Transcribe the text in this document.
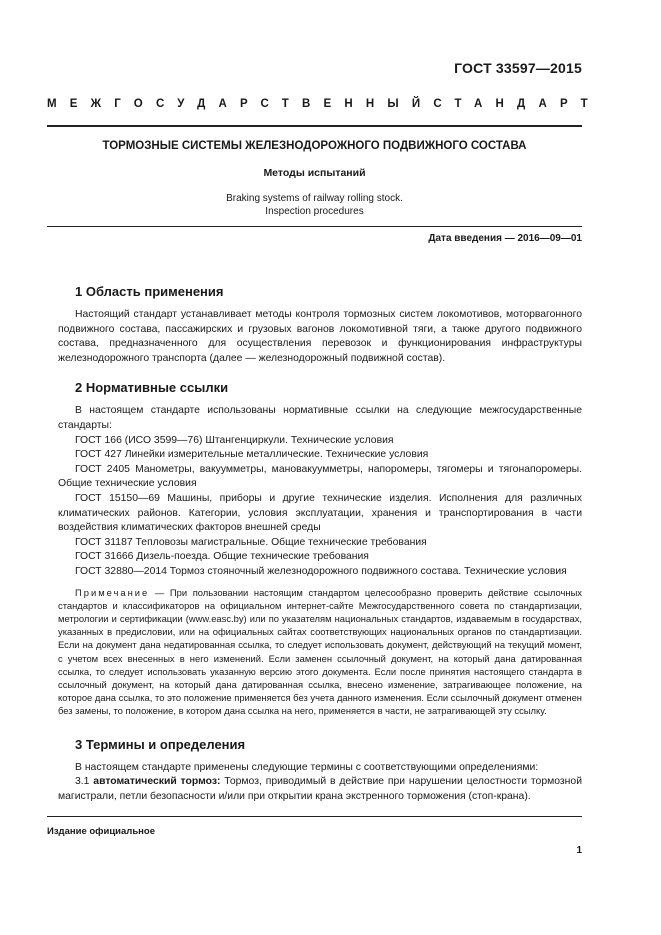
ГОСТ 33597—2015
МЕЖГОСУДАРСТВЕННЫЙ СТАНДАРТ
ТОРМОЗНЫЕ СИСТЕМЫ ЖЕЛЕЗНОДОРОЖНОГО ПОДВИЖНОГО СОСТАВА
Методы испытаний
Braking systems of railway rolling stock.
Inspection procedures
Дата введения — 2016—09—01
1 Область применения

Настоящий стандарт устанавливает методы контроля тормозных систем локомотивов, моторвагонного подвижного состава, пассажирских и грузовых вагонов локомотивной тяги, а также другого подвижного состава, предназначенного для осуществления перевозок и функционирования инфраструктуры железнодорожного транспорта (далее — железнодорожный подвижной состав).

2 Нормативные ссылки

В настоящем стандарте использованы нормативные ссылки на следующие межгосударственные стандарты:

ГОСТ 166 (ИСО 3599—76) Штангенциркули. Технические условия

ГОСТ 427 Линейки измерительные металлические. Технические условия

ГОСТ 2405 Манометры, вакуумметры, мановакуумметры, напоромеры, тягомеры и тягонапоромеры. Общие технические условия

ГОСТ 15150—69 Машины, приборы и другие технические изделия. Исполнения для различных климатических районов. Категории, условия эксплуатации, хранения и транспортирования в части воздействия климатических факторов внешней среды

ГОСТ 31187 Тепловозы магистральные. Общие технические требования

ГОСТ 31666 Дизель-поезда. Общие технические требования

ГОСТ 32880—2014 Тормоз стояночный железнодорожного подвижного состава. Технические условия

Примечание — При пользовании настоящим стандартом целесообразно проверить действие ссылочных стандартов и классификаторов на официальном интернет-сайте Межгосударственного совета по стандартизации, метрологии и сертификации (www.easc.by) или по указателям национальных стандартов, издаваемым в государствах, указанных в предисловии, или на официальных сайтах соответствующих национальных органов по стандартизации. Если на документ дана недатированная ссылка, то следует использовать документ, действующий на текущий момент, с учетом всех внесенных в него изменений. Если заменен ссылочный документ, на который дана датированная ссылка, то следует использовать указанную версию этого документа. Если после принятия настоящего стандарта в ссылочный документ, на который дана датированная ссылка, внесено изменение, затрагивающее положение, на которое дана ссылка, то это положение применяется без учета данного изменения. Если ссылочный документ отменен без замены, то положение, в котором дана ссылка на него, применяется в части, не затрагивающей эту ссылку.

3 Термины и определения

В настоящем стандарте применены следующие термины с соответствующими определениями:

3.1 автоматический тормоз: Тормоз, приводимый в действие при нарушении целостности тормозной магистрали, петли безопасности и/или при открытии крана экстренного торможения (стоп-крана).

Издание официальное
1
